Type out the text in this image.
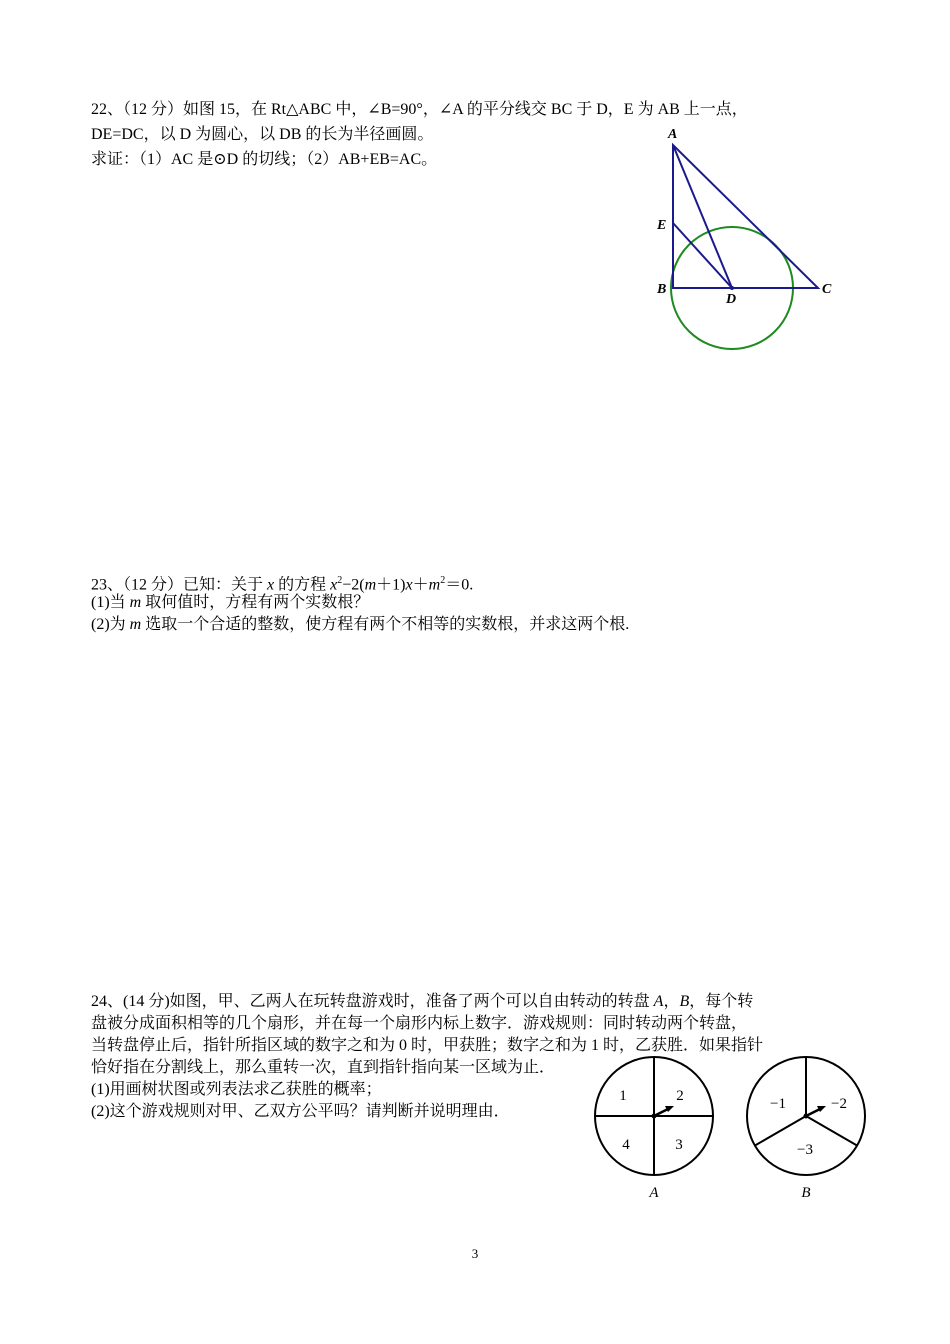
22、（12 分）如图 15，在 Rt△ABC 中，∠B=90°，∠A 的平分线交 BC 于 D，E 为 AB 上一点，
DE=DC，以 D 为圆心，以 DB 的长为半径画圆。
求证：（1）AC 是⊙D 的切线；（2）AB+EB=AC。
A
E
B
D
C
23、（12 分）已知：关于 x 的方程 $x^2-2(m+1)x+m^2=0$.
(1)当 m 取何值时，方程有两个实数根？
(2)为 m 选取一个合适的整数，使方程有两个不相等的实数根，并求这两个根.
24、(14 分)如图，甲、乙两人在玩转盘游戏时，准备了两个可以自由转动的转盘 A，B，每个转
盘被分成面积相等的几个扇形，并在每一个扇形内标上数字．游戏规则：同时转动两个转盘，
当转盘停止后，指针所指区域的数字之和为 0 时，甲获胜；数字之和为 1 时，乙获胜．如果指针
恰好指在分割线上，那么重转一次，直到指针指向某一区域为止．
(1)用画树状图或列表法求乙获胜的概率；
(2)这个游戏规则对甲、乙双方公平吗？请判断并说明理由．
1	2
4	3
A
−1	−2
−3
B
3
